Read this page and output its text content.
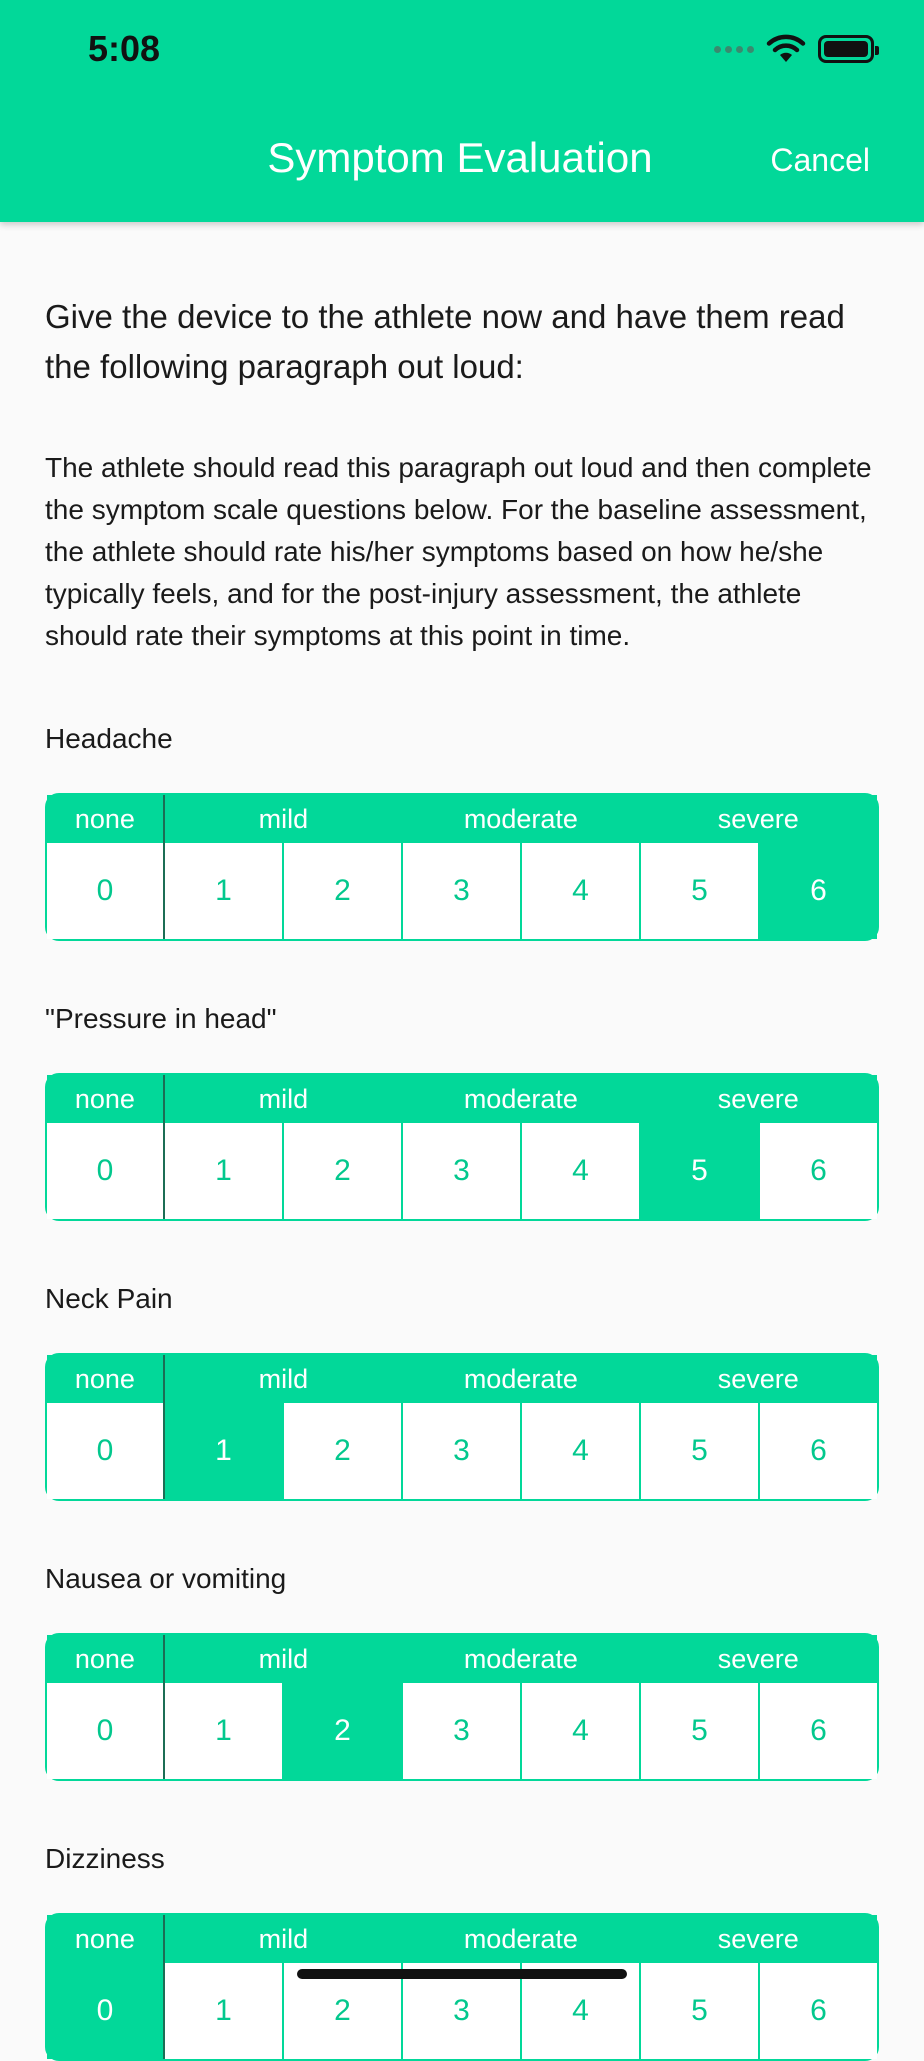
5:08
Symptom Evaluation	Cancel
Give the device to the athlete now and have them read the following paragraph out loud:
The athlete should read this paragraph out loud and then complete the symptom scale questions below. For the baseline assessment, the athlete should rate his/her symptoms based on how he/she typically feels, and for the post-injury assessment, the athlete should rate their symptoms at this point in time.
Headache
none	mild	moderate	severe
0	1	2	3	4	5	6
"Pressure in head"
none	mild	moderate	severe
0	1	2	3	4	5	6
Neck Pain
none	mild	moderate	severe
0	1	2	3	4	5	6
Nausea or vomiting
none	mild	moderate	severe
0	1	2	3	4	5	6
Dizziness
none	mild	moderate	severe
0	1	2	3	4	5	6
